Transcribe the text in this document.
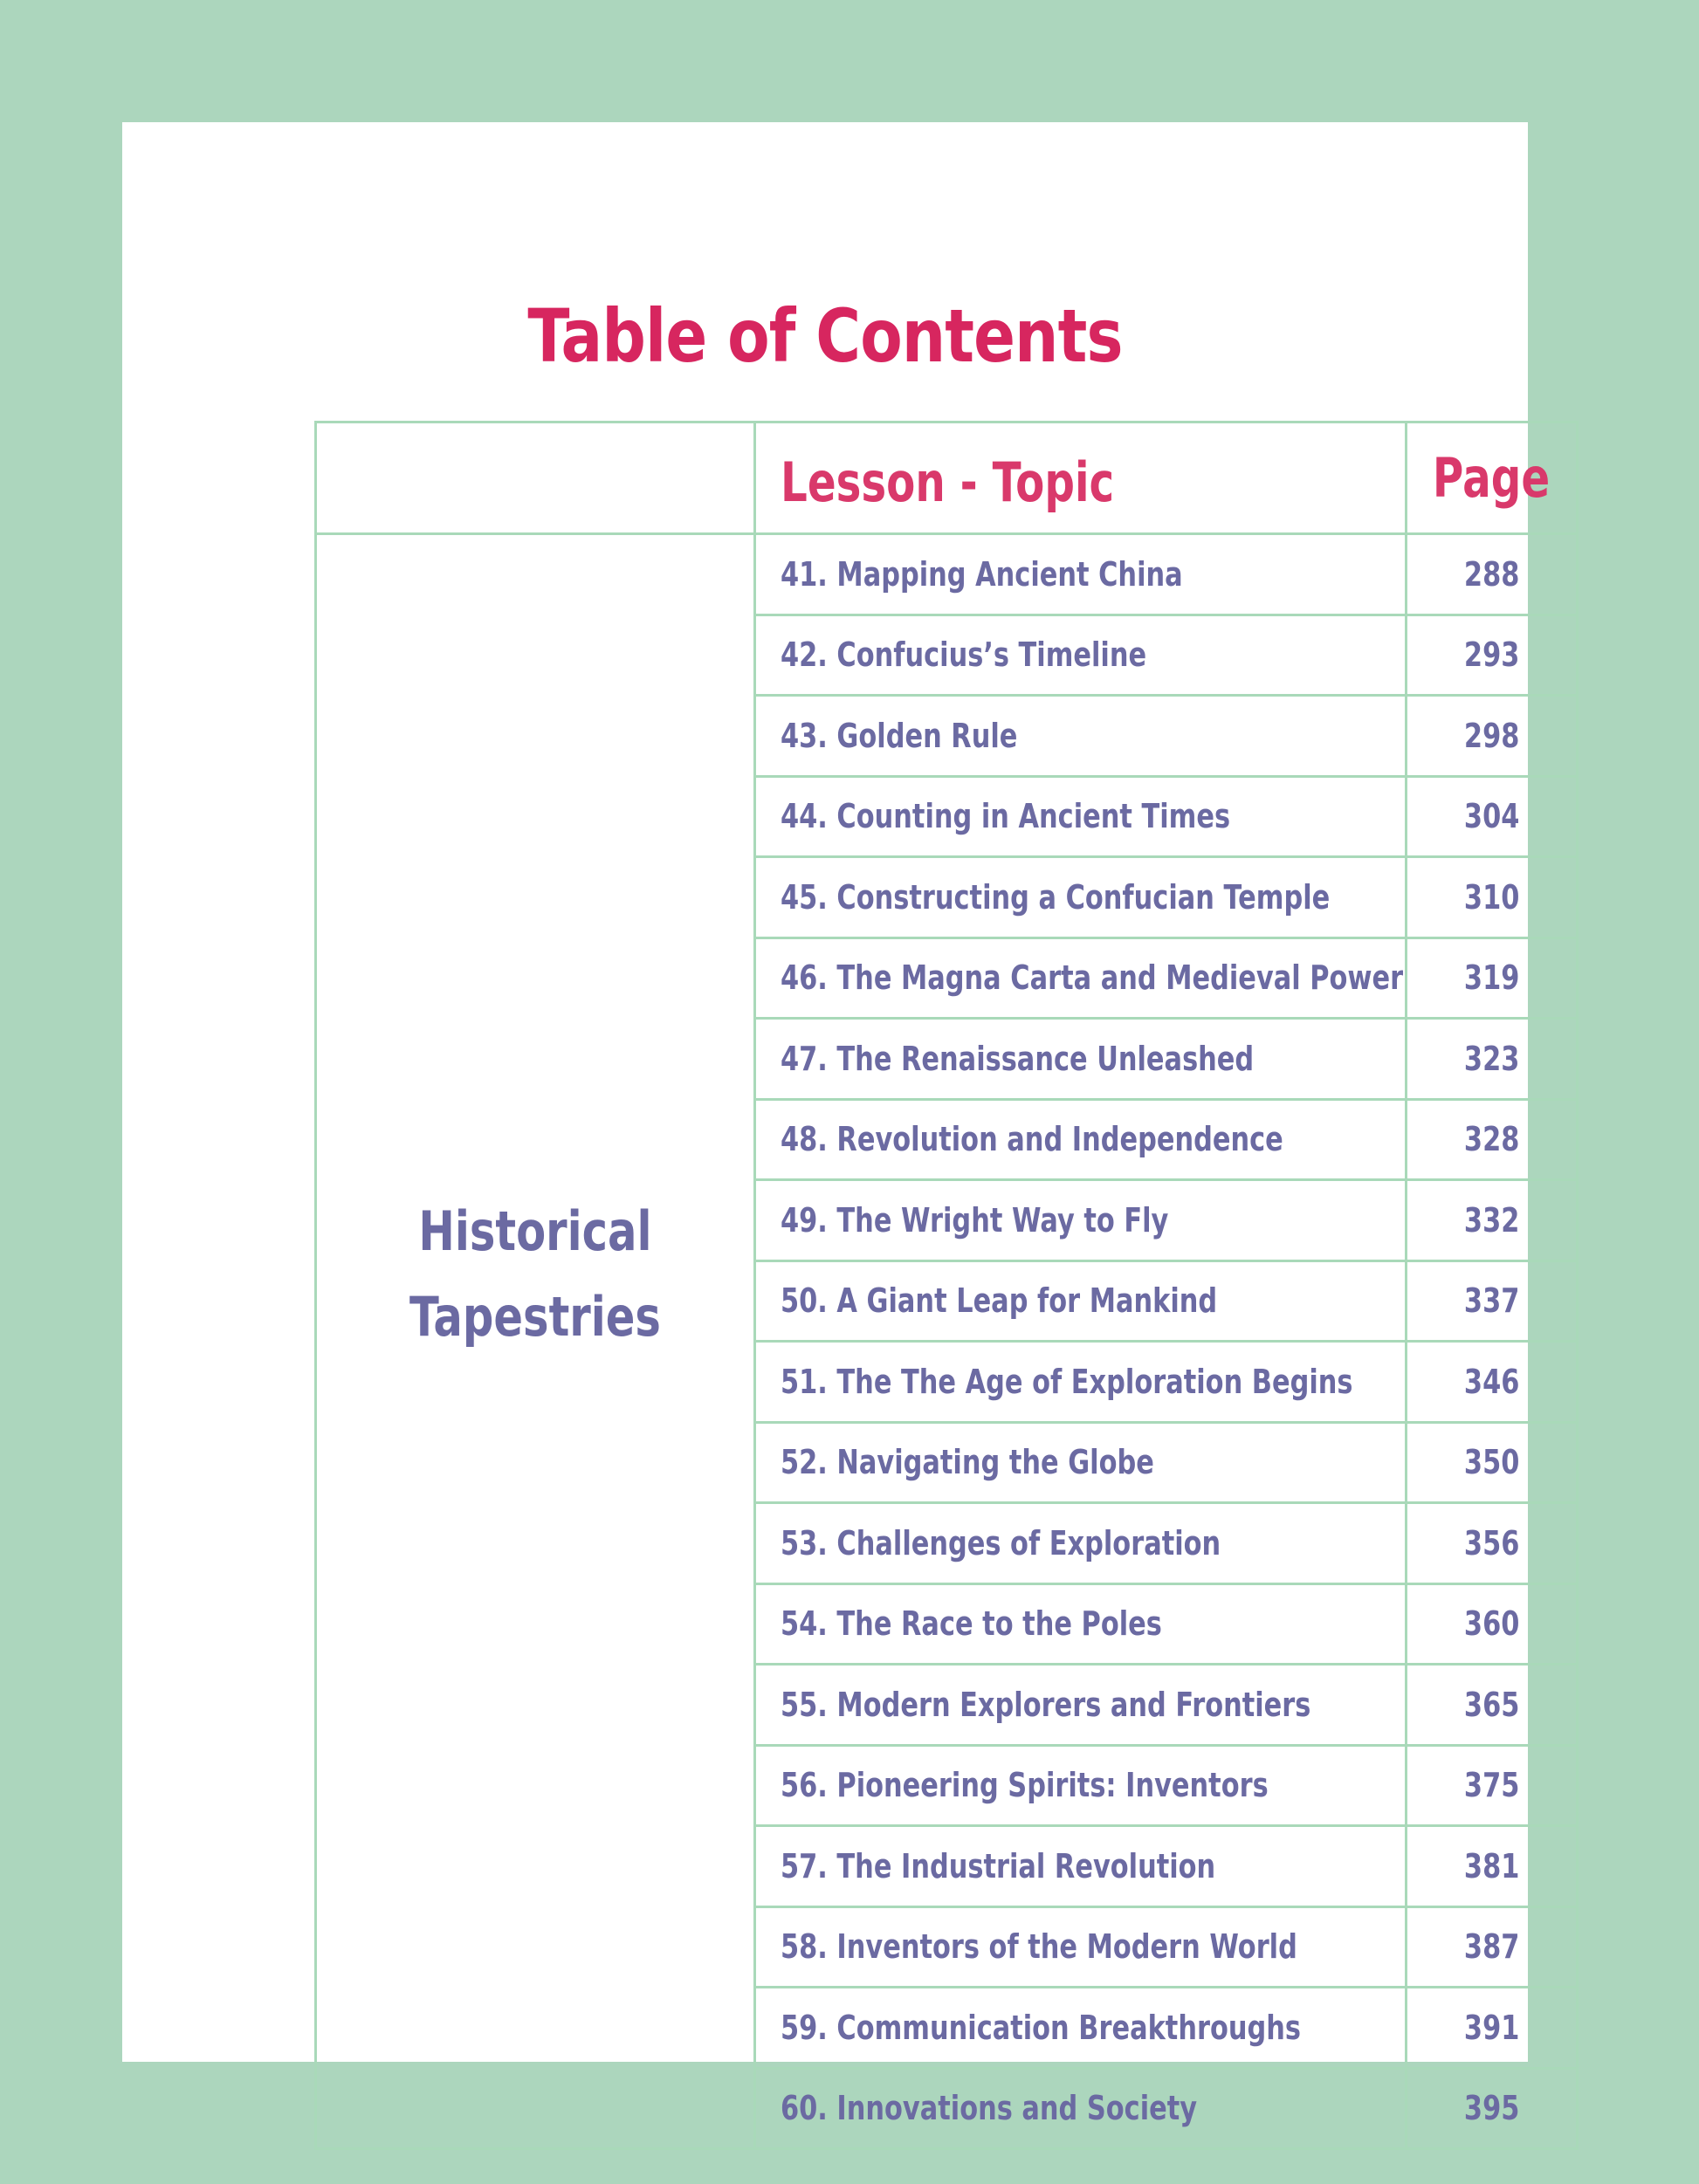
Table of Contents
	Lesson - Topic	Page
Historical
Tapestries	41. Mapping Ancient China	288
	42. Confucius’s Timeline	293
	43. Golden Rule	298
	44. Counting in Ancient Times	304
	45. Constructing a Confucian Temple	310
	46. The Magna Carta and Medieval Power	319
	47. The Renaissance Unleashed	323
	48. Revolution and Independence	328
	49. The Wright Way to Fly	332
	50. A Giant Leap for Mankind	337
	51. The The Age of Exploration Begins	346
	52. Navigating the Globe	350
	53. Challenges of Exploration	356
	54. The Race to the Poles	360
	55. Modern Explorers and Frontiers	365
	56. Pioneering Spirits: Inventors	375
	57. The Industrial Revolution	381
	58. Inventors of the Modern World	387
	59. Communication Breakthroughs	391
	60. Innovations and Society	395
